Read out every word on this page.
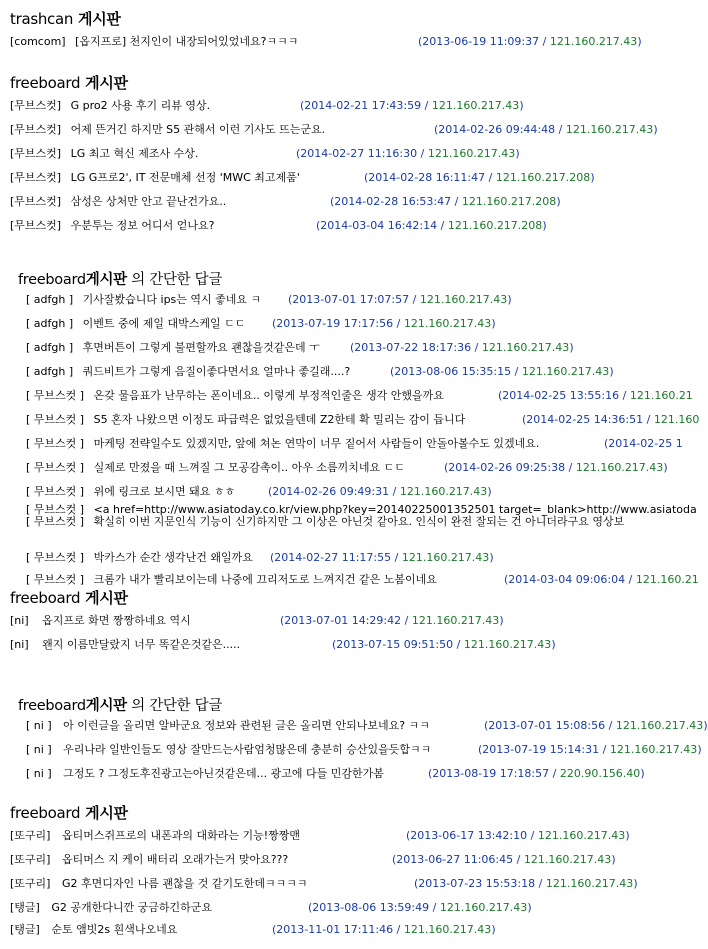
trashcan 게시판
[comcom] [옵지프로] 천지인이 내장되어있었네요?ㅋㅋㅋ	(2013-06-19 11:09:37 / 121.160.217.43)
freeboard 게시판
[무브스컷] G pro2 사용 후기 리뷰 영상.	(2014-02-21 17:43:59 / 121.160.217.43)
[무브스컷] 어제 뜬거긴 하지만 S5 관해서 이런 기사도 뜨는군요.	(2014-02-26 09:44:48 / 121.160.217.43)
[무브스컷] LG 최고 혁신 제조사 수상.	(2014-02-27 11:16:30 / 121.160.217.43)
[무브스컷] LG G프로2', IT 전문매체 선정 'MWC 최고제품'	(2014-02-28 16:11:47 / 121.160.217.208)
[무브스컷] 삼성은 상처만 안고 끝난건가요..	(2014-02-28 16:53:47 / 121.160.217.208)
[무브스컷] 우분투는 정보 어디서 얻나요?	(2014-03-04 16:42:14 / 121.160.217.208)
freeboard게시판 의 간단한 답글
[ adfgh ] 기사잘봤습니다 ips는 역시 좋네요 ㅋ (2013-07-01 17:07:57 / 121.160.217.43)
[ adfgh ] 이벤트 중에 제일 대박스케일 ㄷㄷ (2013-07-19 17:17:56 / 121.160.217.43)
[ adfgh ] 후면버튼이 그렇게 불편할까요 괜찮을것같은데 ㅜ	(2013-07-22 18:17:36 / 121.160.217.43)
[ adfgh ] 쿼드비트가 그렇게 음질이좋다면서요 얼마나 좋길래....?	(2013-08-06 15:35:15 / 121.160.217.43)
[ 무브스컷 ] 온갖 물음표가 난무하는 폰이네요.. 이렇게 부정적인줄은 생각 안했을까요	(2014-02-25 13:55:16 / 121.160.21
[ 무브스컷 ] S5 혼자 나왔으면 이정도 파급력은 없었을텐데 Z2한테 확 밀리는 감이 듭니다	(2014-02-25 14:36:51 / 121.160
[ 무브스컷 ] 마케팅 전략일수도 있겠지만, 앞에 쳐논 연막이 너무 짙어서 사람들이 안돌아볼수도 있겠네요.	(2014-02-25 1
[ 무브스컷 ] 실제로 만졌을 때 느껴질 그 모공감촉이.. 아우 소름끼치네요 ㄷㄷ	(2014-02-26 09:25:38 / 121.160.217.43)
[ 무브스컷 ] 위에 링크로 보시면 돼요 ㅎㅎ	(2014-02-26 09:49:31 / 121.160.217.43)
[ 무브스컷 ] <a href=http://www.asiatoday.co.kr/view.php?key=20140225001352501 target=_blank>http://www.asiatoda
[ 무브스컷 ] 확실히 이번 지문인식 기능이 신기하지만 그 이상은 아닌것 같아요. 인식이 완전 잘되는 건 아니더라구요 영상보
[ 무브스컷 ] 박카스가 순간 생각난건 왜일까요 (2014-02-27 11:17:55 / 121.160.217.43)
[ 무브스컷 ] 크롬가 내가 빨리보이는데 나중에 끄리저도로 느껴지건 같은 노봄이네요	(2014-03-04 09:06:04 / 121.160.21
freeboard 게시판
[ni] 옵지프로 화면 짱짱하네요 역시	(2013-07-01 14:29:42 / 121.160.217.43)
[ni] 왠지 이름만달랐지 너무 똑같은것같은.....	(2013-07-15 09:51:50 / 121.160.217.43)
freeboard게시판 의 간단한 답글
[ ni ] 아 이런글을 올리면 알바군요 정보와 관련된 글은 올리면 안되나보네요? ㅋㅋ	(2013-07-01 15:08:56 / 121.160.217.43)
[ ni ] 우리나라 일반인들도 영상 잘만드는사람엄청많은데 충분히 승산있을듯합ㅋㅋ	(2013-07-19 15:14:31 / 121.160.217.43)
[ ni ] 그정도 ? 그정도후진광고는아닌것같은데... 광고에 다들 민감한가봄	(2013-08-19 17:18:57 / 220.90.156.40)
freeboard 게시판
[또구리] 옵티머스쥐프로의 내폰과의 대화라는 기능!짱짱맨	(2013-06-17 13:42:10 / 121.160.217.43)
[또구리] 옵티머스 지 케이 배터리 오래가는거 맞아요???	(2013-06-27 11:06:45 / 121.160.217.43)
[또구리] G2 후면디자인 나름 괜찮을 것 같기도한데ㅋㅋㅋㅋ	(2013-07-23 15:53:18 / 121.160.217.43)
[탱글] G2 공개한다니깐 궁금하긴하군요	(2013-08-06 13:59:49 / 121.160.217.43)
[탱글] 순토 앰빗2s 흰색나오네요	(2013-11-01 17:11:46 / 121.160.217.43)
